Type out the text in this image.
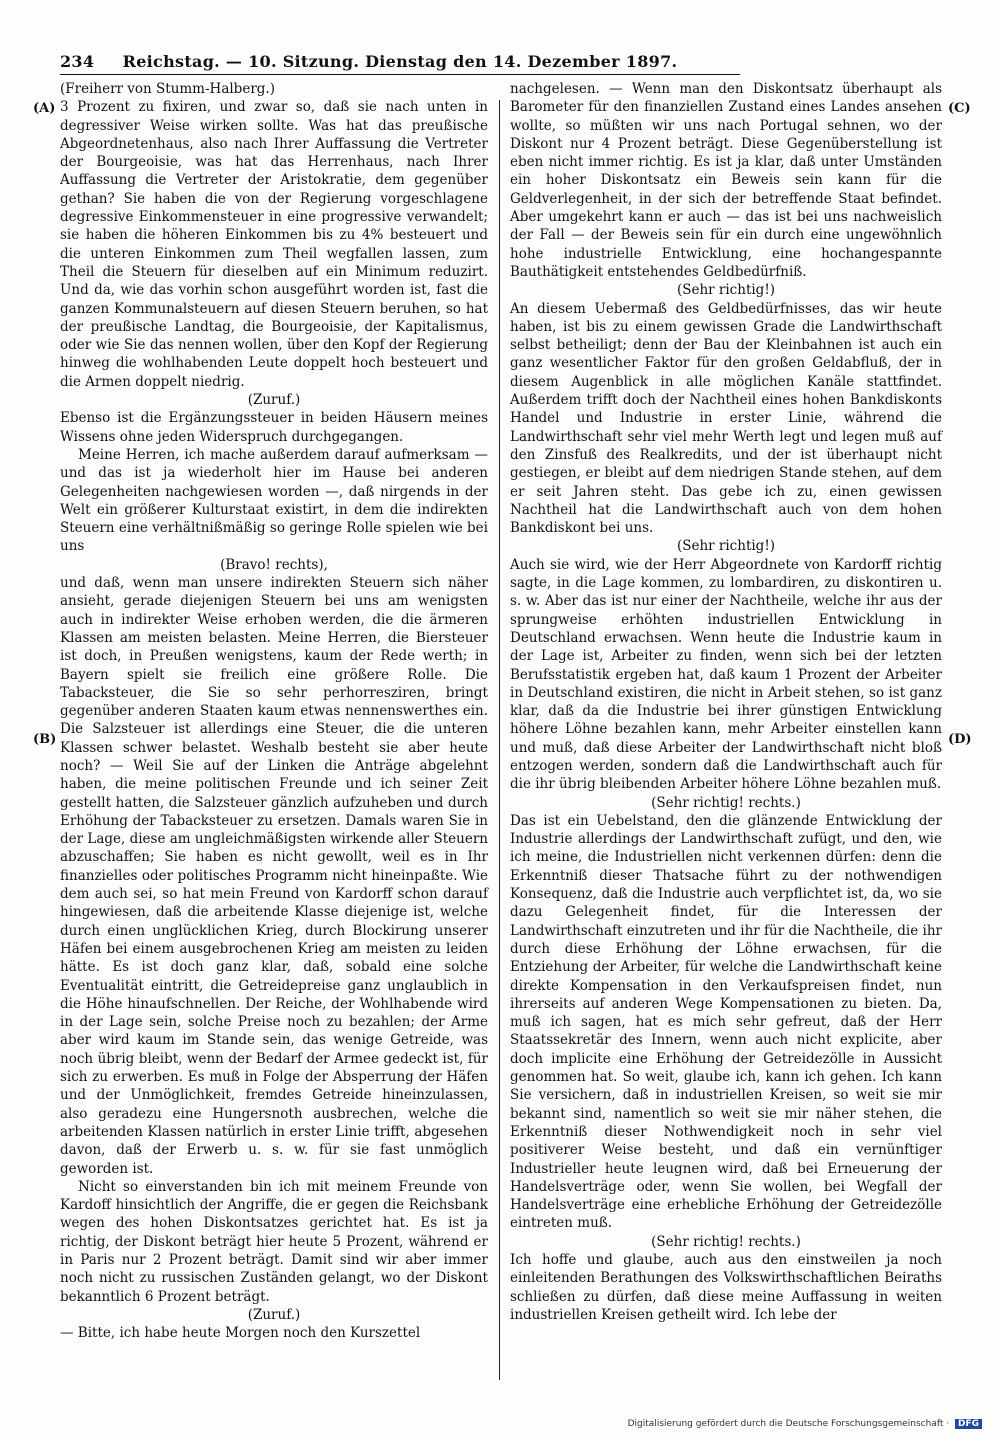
234	Reichstag. — 10. Sitzung. Dienstag den 14. Dezember 1897.
(A)
(B)
(C)
(D)

(Freiherr von Stumm-Halberg.)

3 Prozent zu fixiren, und zwar so, daß sie nach unten in degressiver Weise wirken sollte. Was hat das preußische Abgeordnetenhaus, also nach Ihrer Auffassung die Vertreter der Bourgeoisie, was hat das Herrenhaus, nach Ihrer Auffassung die Vertreter der Aristokratie, dem gegenüber gethan? Sie haben die von der Regierung vorgeschlagene degressive Einkommensteuer in eine progressive verwandelt; sie haben die höheren Einkommen bis zu 4% besteuert und die unteren Einkommen zum Theil wegfallen lassen, zum Theil die Steuern für dieselben auf ein Minimum reduzirt. Und da, wie das vorhin schon ausgeführt worden ist, fast die ganzen Kommunalsteuern auf diesen Steuern beruhen, so hat der preußische Landtag, die Bourgeoisie, der Kapitalismus, oder wie Sie das nennen wollen, über den Kopf der Regierung hinweg die wohlhabenden Leute doppelt hoch besteuert und die Armen doppelt niedrig.

(Zuruf.)

Ebenso ist die Ergänzungssteuer in beiden Häusern meines Wissens ohne jeden Widerspruch durchgegangen.

Meine Herren, ich mache außerdem darauf aufmerksam — und das ist ja wiederholt hier im Hause bei anderen Gelegenheiten nachgewiesen worden —, daß nirgends in der Welt ein größerer Kulturstaat existirt, in dem die indirekten Steuern eine verhältnißmäßig so geringe Rolle spielen wie bei uns

(Bravo! rechts),

und daß, wenn man unsere indirekten Steuern sich näher ansieht, gerade diejenigen Steuern bei uns am wenigsten auch in indirekter Weise erhoben werden, die die ärmeren Klassen am meisten belasten. Meine Herren, die Biersteuer ist doch, in Preußen wenigstens, kaum der Rede werth; in Bayern spielt sie freilich eine größere Rolle. Die Tabacksteuer, die Sie so sehr perhorresziren, bringt gegenüber anderen Staaten kaum etwas nennenswerthes ein. Die Salzsteuer ist allerdings eine Steuer, die die unteren Klassen schwer belastet. Weshalb besteht sie aber heute noch? — Weil Sie auf der Linken die Anträge abgelehnt haben, die meine politischen Freunde und ich seiner Zeit gestellt hatten, die Salzsteuer gänzlich aufzuheben und durch Erhöhung der Tabacksteuer zu ersetzen. Damals waren Sie in der Lage, diese am ungleichmäßigsten wirkende aller Steuern abzuschaffen; Sie haben es nicht gewollt, weil es in Ihr finanzielles oder politisches Programm nicht hineinpaßte. Wie dem auch sei, so hat mein Freund von Kardorff schon darauf hingewiesen, daß die arbeitende Klasse diejenige ist, welche durch einen unglücklichen Krieg, durch Blockirung unserer Häfen bei einem ausgebrochenen Krieg am meisten zu leiden hätte. Es ist doch ganz klar, daß, sobald eine solche Eventualität eintritt, die Getreidepreise ganz unglaublich in die Höhe hinaufschnellen. Der Reiche, der Wohlhabende wird in der Lage sein, solche Preise noch zu bezahlen; der Arme aber wird kaum im Stande sein, das wenige Getreide, was noch übrig bleibt, wenn der Bedarf der Armee gedeckt ist, für sich zu erwerben. Es muß in Folge der Absperrung der Häfen und der Unmöglichkeit, fremdes Getreide hineinzulassen, also geradezu eine Hungersnoth ausbrechen, welche die arbeitenden Klassen natürlich in erster Linie trifft, abgesehen davon, daß der Erwerb u. s. w. für sie fast unmöglich geworden ist.

Nicht so einverstanden bin ich mit meinem Freunde von Kardoff hinsichtlich der Angriffe, die er gegen die Reichsbank wegen des hohen Diskontsatzes gerichtet hat. Es ist ja richtig, der Diskont beträgt hier heute 5 Prozent, während er in Paris nur 2 Prozent beträgt. Damit sind wir aber immer noch nicht zu russischen Zuständen gelangt, wo der Diskont bekanntlich 6 Prozent beträgt.

(Zuruf.)

— Bitte, ich habe heute Morgen noch den Kurszettel

nachgelesen. — Wenn man den Diskontsatz überhaupt als Barometer für den finanziellen Zustand eines Landes ansehen wollte, so müßten wir uns nach Portugal sehnen, wo der Diskont nur 4 Prozent beträgt. Diese Gegenüberstellung ist eben nicht immer richtig. Es ist ja klar, daß unter Umständen ein hoher Diskontsatz ein Beweis sein kann für die Geldverlegenheit, in der sich der betreffende Staat befindet. Aber umgekehrt kann er auch — das ist bei uns nachweislich der Fall — der Beweis sein für ein durch eine ungewöhnlich hohe industrielle Entwicklung, eine hochangespannte Bauthätigkeit entstehendes Geldbedürfniß.

(Sehr richtig!)

An diesem Uebermaß des Geldbedürfnisses, das wir heute haben, ist bis zu einem gewissen Grade die Landwirthschaft selbst betheiligt; denn der Bau der Kleinbahnen ist auch ein ganz wesentlicher Faktor für den großen Geldabfluß, der in diesem Augenblick in alle möglichen Kanäle stattfindet. Außerdem trifft doch der Nachtheil eines hohen Bankdiskonts Handel und Industrie in erster Linie, während die Landwirthschaft sehr viel mehr Werth legt und legen muß auf den Zinsfuß des Realkredits, und der ist überhaupt nicht gestiegen, er bleibt auf dem niedrigen Stande stehen, auf dem er seit Jahren steht. Das gebe ich zu, einen gewissen Nachtheil hat die Landwirthschaft auch von dem hohen Bankdiskont bei uns.

(Sehr richtig!)

Auch sie wird, wie der Herr Abgeordnete von Kardorff richtig sagte, in die Lage kommen, zu lombardiren, zu diskontiren u. s. w. Aber das ist nur einer der Nachtheile, welche ihr aus der sprungweise erhöhten industriellen Entwicklung in Deutschland erwachsen. Wenn heute die Industrie kaum in der Lage ist, Arbeiter zu finden, wenn sich bei der letzten Berufsstatistik ergeben hat, daß kaum 1 Prozent der Arbeiter in Deutschland existiren, die nicht in Arbeit stehen, so ist ganz klar, daß da die Industrie bei ihrer günstigen Entwicklung höhere Löhne bezahlen kann, mehr Arbeiter einstellen kann und muß, daß diese Arbeiter der Landwirthschaft nicht bloß entzogen werden, sondern daß die Landwirthschaft auch für die ihr übrig bleibenden Arbeiter höhere Löhne bezahlen muß.

(Sehr richtig! rechts.)

Das ist ein Uebelstand, den die glänzende Entwicklung der Industrie allerdings der Landwirthschaft zufügt, und den, wie ich meine, die Industriellen nicht verkennen dürfen: denn die Erkenntniß dieser Thatsache führt zu der nothwendigen Konsequenz, daß die Industrie auch verpflichtet ist, da, wo sie dazu Gelegenheit findet, für die Interessen der Landwirthschaft einzutreten und ihr für die Nachtheile, die ihr durch diese Erhöhung der Löhne erwachsen, für die Entziehung der Arbeiter, für welche die Landwirthschaft keine direkte Kompensation in den Verkaufspreisen findet, nun ihrerseits auf anderen Wege Kompensationen zu bieten. Da, muß ich sagen, hat es mich sehr gefreut, daß der Herr Staatssekretär des Innern, wenn auch nicht explicite, aber doch implicite eine Erhöhung der Getreidezölle in Aussicht genommen hat. So weit, glaube ich, kann ich gehen. Ich kann Sie versichern, daß in industriellen Kreisen, so weit sie mir bekannt sind, namentlich so weit sie mir näher stehen, die Erkenntniß dieser Nothwendigkeit noch in sehr viel positiverer Weise besteht, und daß ein vernünftiger Industrieller heute leugnen wird, daß bei Erneuerung der Handelsverträge oder, wenn Sie wollen, bei Wegfall der Handelsverträge eine erhebliche Erhöhung der Getreidezölle eintreten muß.

(Sehr richtig! rechts.)

Ich hoffe und glaube, auch aus den einstweilen ja noch einleitenden Berathungen des Volkswirthschaftlichen Beiraths schließen zu dürfen, daß diese meine Auffassung in weiten industriellen Kreisen getheilt wird. Ich lebe der

Digitalisierung gefördert durch die Deutsche Forschungsgemeinschaft · DFG
